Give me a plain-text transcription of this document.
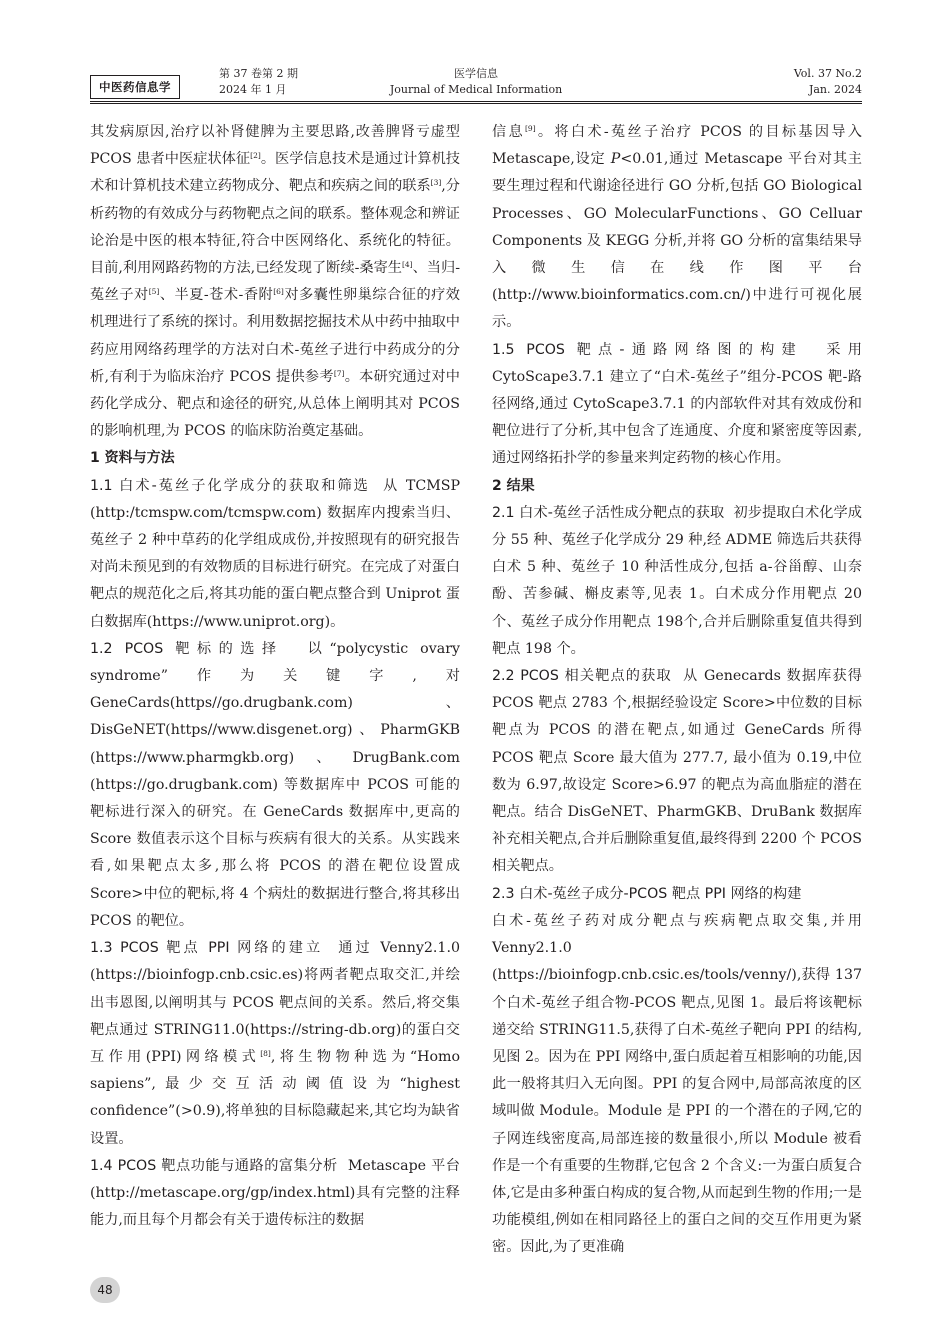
中医药信息学
第 37 卷第 2 期
2024 年 1 月
医学信息
Journal of Medical Information
Vol. 37 No.2
Jan. 2024

其发病原因,治疗以补肾健脾为主要思路,改善脾肾亏虚型 PCOS 患者中医症状体征[2]。医学信息技术是通过计算机技术和计算机技术建立药物成分、靶点和疾病之间的联系[3],分析药物的有效成分与药物靶点之间的联系。整体观念和辨证论治是中医的根本特征,符合中医网络化、系统化的特征。目前,利用网路药物的方法,已经发现了断续-桑寄生[4]、当归-菟丝子对[5]、半夏-苍术-香附[6]对多囊性卵巢综合征的疗效机理进行了系统的探讨。利用数据挖掘技术从中药中抽取中药应用网络药理学的方法对白术-菟丝子进行中药成分的分析,有利于为临床治疗 PCOS 提供参考[7]。本研究通过对中药化学成分、靶点和途径的研究,从总体上阐明其对 PCOS 的影响机理,为 PCOS 的临床防治奠定基础。

1 资料与方法

1.1 白术-菟丝子化学成分的获取和筛选 从 TCMSP (http:/tcmspw.com/tcmspw.com) 数据库内搜索当归、菟丝子 2 种中草药的化学组成成份,并按照现有的研究报告对尚未预见到的有效物质的目标进行研究。在完成了对蛋白靶点的规范化之后,将其功能的蛋白靶点整合到 Uniprot 蛋白数据库(https://www.uniprot.org)。

1.2 PCOS 靶标的选择 以“polycystic ovary syndrome”作为关键字,对 GeneCards(https//go.drugbank.com)、DisGeNET(https//www.disgenet.org)、PharmGKB (https://www.pharmgkb.org)、DrugBank.com (https://go.drugbank.com) 等数据库中 PCOS 可能的靶标进行深入的研究。在 GeneCards 数据库中,更高的 Score 数值表示这个目标与疾病有很大的关系。从实践来看,如果靶点太多,那么将 PCOS 的潜在靶位设置成 Score>中位的靶标,将 4 个病灶的数据进行整合,将其移出 PCOS 的靶位。

1.3 PCOS 靶点 PPI 网络的建立 通过 Venny2.1.0 (https://bioinfogp.cnb.csic.es)将两者靶点取交汇,并绘出韦恩图,以阐明其与 PCOS 靶点间的关系。然后,将交集靶点通过 STRING11.0(https://string-db.org)的蛋白交互作用(PPI)网络模式[8],将生物物种选为“Homo sapiens”,最少交互活动阈值设为“highest confidence”(>0.9),将单独的目标隐藏起来,其它均为缺省设置。

1.4 PCOS 靶点功能与通路的富集分析 Metascape 平台(http://metascape.org/gp/index.html)具有完整的注释能力,而且每个月都会有关于遗传标注的数据

信息[9]。将白术-菟丝子治疗 PCOS 的目标基因导入 Metascape,设定 P<0.01,通过 Metascape 平台对其主要生理过程和代谢途径进行 GO 分析,包括 GO Biological Processes、GO MolecularFunctions、GO Celluar Components 及 KEGG 分析,并将 GO 分析的富集结果导入微生信在线作图平台(http://www.bioinformatics.com.cn/)中进行可视化展示。

1.5 PCOS 靶点-通路网络图的构建 采用 CytoScape3.7.1 建立了“白术-菟丝子”组分-PCOS 靶-路径网络,通过 CytoScape3.7.1 的内部软件对其有效成份和靶位进行了分析,其中包含了连通度、介度和紧密度等因素,通过网络拓扑学的参量来判定药物的核心作用。

2 结果

2.1 白术-菟丝子活性成分靶点的获取 初步提取白术化学成分 55 种、菟丝子化学成分 29 种,经 ADME 筛选后共获得白术 5 种、菟丝子 10 种活性成分,包括 a-谷甾醇、山奈酚、苦参碱、槲皮素等,见表 1。白术成分作用靶点 20 个、菟丝子成分作用靶点 198个,合并后删除重复值共得到靶点 198 个。

2.2 PCOS 相关靶点的获取 从 Genecards 数据库获得 PCOS 靶点 2783 个,根据经验设定 Score>中位数的目标靶点为 PCOS 的潜在靶点,如通过 GeneCards 所得 PCOS 靶点 Score 最大值为 277.7, 最小值为 0.19,中位数为 6.97,故设定 Score>6.97 的靶点为高血脂症的潜在靶点。结合 DisGeNET、PharmGKB、DruBank 数据库补充相关靶点,合并后删除重复值,最终得到 2200 个 PCOS 相关靶点。

2.3 白术-菟丝子成分-PCOS 靶点 PPI 网络的构建
白术-菟丝子药对成分靶点与疾病靶点取交集,并用 Venny2.1.0 (https://bioinfogp.cnb.csic.es/tools/venny/),获得 137 个白术-菟丝子组合物-PCOS 靶点,见图 1。最后将该靶标递交给 STRING11.5,获得了白术-菟丝子靶向 PPI 的结构,见图 2。因为在 PPI 网络中,蛋白质起着互相影响的功能,因此一般将其归入无向图。PPI 的复合网中,局部高浓度的区域叫做 Module。Module 是 PPI 的一个潜在的子网,它的子网连线密度高,局部连接的数量很小,所以 Module 被看作是一个有重要的生物群,它包含 2 个含义:一为蛋白质复合体,它是由多种蛋白构成的复合物,从而起到生物的作用;一是功能模组,例如在相同路径上的蛋白之间的交互作用更为紧密。因此,为了更准确

48
